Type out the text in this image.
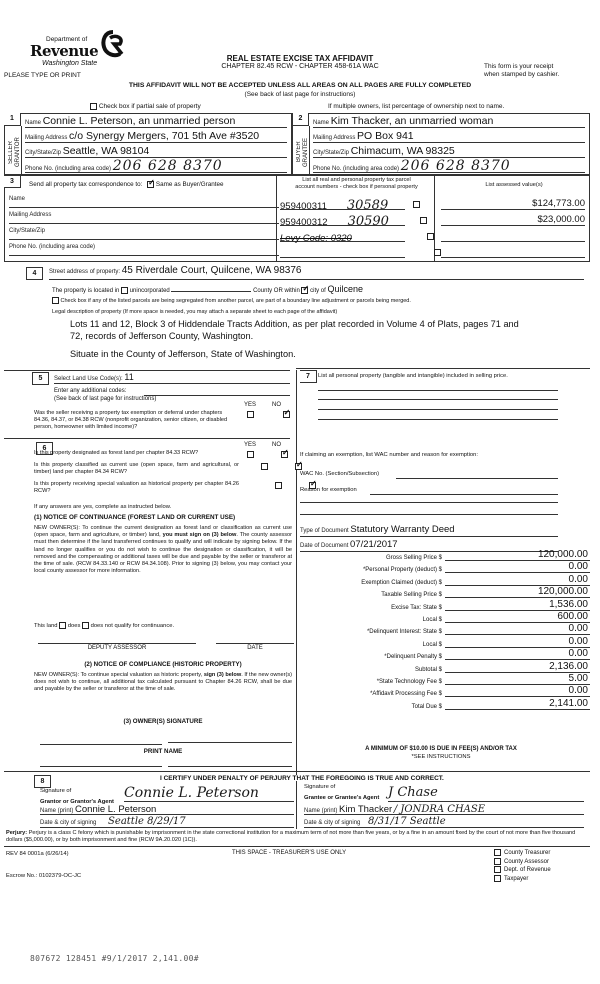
Department of
Revenue
Washington State
PLEASE TYPE OR PRINT
REAL ESTATE EXCISE TAX AFFIDAVIT
CHAPTER 82.45 RCW - CHAPTER 458-61A WAC	This form is your receipt
when stamped by cashier.
THIS AFFIDAVIT WILL NOT BE ACCEPTED UNLESS ALL AREAS ON ALL PAGES ARE FULLY COMPLETED
(See back of last page for instructions)
Check box if partial sale of property	If multiple owners, list percentage of ownership next to name.
1
SELLER
GRANTOR
Name Connie L. Peterson, an unmarried person
Mailing Address c/o Synergy Mergers, 701 5th Ave #3520
City/State/Zip Seattle, WA 98104
Phone No. (including area code) 206 628 8370
2
BUYER
GRANTEE
Name Kim Thacker, an unmarried woman
Mailing Address PO Box 941
City/State/Zip Chimacum, WA 98325
Phone No. (including area code) 206 628 8370
3	Send all property tax correspondence to: ✓ Same as Buyer/Grantee
Name
Mailing Address
City/State/Zip
Phone No. (including area code)
List all real and personal property tax parcel
account numbers - check box if personal property	List assessed value(s)
959400311 30589	$124,773.00
959400312 30590	$23,000.00
Levy Code: 0320
4	Street address of property: 45 Riverdale Court, Quilcene, WA 98376
The property is located in unincorporated	County OR within ✓ city of Quilcene
Check box if any of the listed parcels are being segregated from another parcel, are part of a boundary line adjustment or parcels being merged.
Legal description of property (If more space is needed, you may attach a separate sheet to each page of the affidavit)
Lots 11 and 12, Block 3 of Hiddendale Tracts Addition, as per plat recorded in Volume 4 of Plats, pages 71 and
72, records of Jefferson County, Washington.
Situate in the County of Jefferson, State of Washington.
5	Select Land Use Code(s): 11
Enter any additional codes:
(See back of last page for instructions)
YES	NO
Was the seller receiving a property tax exemption or deferral under chapters 84.36, 84.37, or 84.38 RCW (nonprofit organization, senior citizen, or disabled person, homeowner with limited income)?
✓
6	YES	NO
Is this property designated as forest land per chapter 84.33 RCW?
✓
Is this property classified as current use (open space, farm and agricultural, or timber) land per chapter 84.34 RCW?
✓
Is this property receiving special valuation as historical property per chapter 84.26 RCW?
✓
If any answers are yes, complete as instructed below.
(1) NOTICE OF CONTINUANCE (FOREST LAND OR CURRENT USE)
NEW OWNER(S): To continue the current designation as forest land or classification as current use (open space, farm and agriculture, or timber) land, you must sign on (3) below. The county assessor must then determine if the land transferred continues to qualify and will indicate by signing below. If the land no longer qualifies or you do not wish to continue the designation or classification, it will be removed and the compensating or additional taxes will be due and payable by the seller or transferor at the time of sale. (RCW 84.33.140 or RCW 84.34.108). Prior to signing (3) below, you may contact your local county assessor for more information.
This land does does not qualify for continuance.
DEPUTY ASSESSOR	DATE
(2) NOTICE OF COMPLIANCE (HISTORIC PROPERTY)
NEW OWNER(S): To continue special valuation as historic property, sign (3) below. If the new owner(s) does not wish to continue, all additional tax calculated pursuant to Chapter 84.26 RCW, shall be due and payable by the seller or transferor at the time of sale.
(3) OWNER(S) SIGNATURE
PRINT NAME
7	List all personal property (tangible and intangible) included in selling price.
If claiming an exemption, list WAC number and reason for exemption:
WAC No. (Section/Subsection)
Reason for exemption
Type of Document Statutory Warranty Deed
Date of Document 07/21/2017
Gross Selling Price $	120,000.00
*Personal Property (deduct) $	0.00
Exemption Claimed (deduct) $	0.00
Taxable Selling Price $	120,000.00
Excise Tax: State $	1,536.00
Local $	600.00
*Delinquent Interest: State $	0.00
Local $	0.00
*Delinquent Penalty $	0.00
Subtotal $	2,136.00
*State Technology Fee $	5.00
*Affidavit Processing Fee $	0.00
Total Due $	2,141.00
A MINIMUM OF $10.00 IS DUE IN FEE(S) AND/OR TAX
*SEE INSTRUCTIONS
8	I CERTIFY UNDER PENALTY OF PERJURY THAT THE FOREGOING IS TRUE AND CORRECT.
Signature of
Grantor or Grantor's Agent
Connie L. Peterson
Name (print) Connie L. Peterson
Date & city of signing Seattle 8/29/17
Signature of
Grantee or Grantee's Agent J Chase
Name (print) Kim Thacker / JONDRA CHASE
Date & city of signing 8/31/17 Seattle
Perjury: Perjury is a class C felony which is punishable by imprisonment in the state correctional institution for a maximum term of not more than five years, or by a fine in an amount fixed by the court of not more than five thousand dollars ($5,000.00), or by both imprisonment and fine (RCW 9A.20.020 (1C)).
REV 84 0001a (6/26/14)	THIS SPACE - TREASURER'S USE ONLY
Escrow No.: 0102379-OC-JC
County Treasurer
County Assessor
Dept. of Revenue
Taxpayer
807672 128451 #9/1/2017 2,141.00#
